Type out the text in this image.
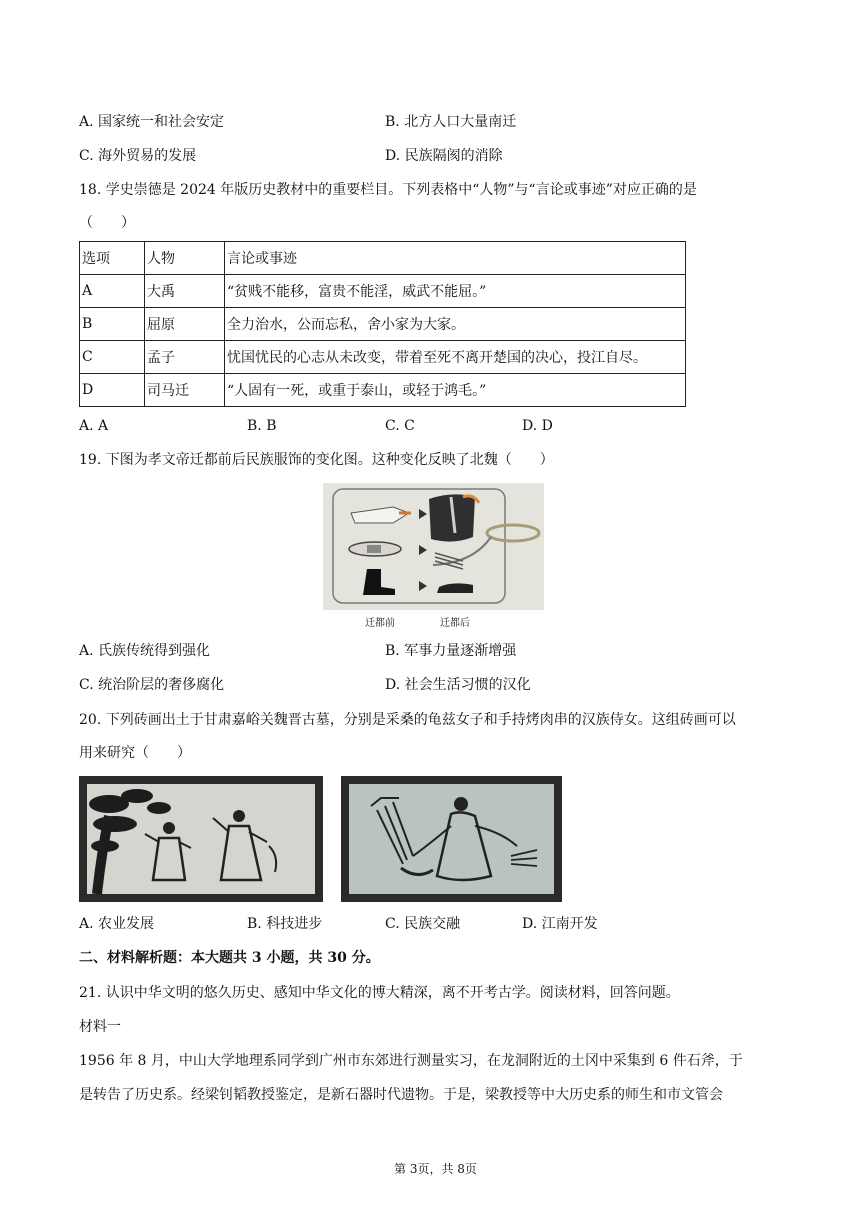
A. 国家统一和社会安定	B. 北方人口大量南迁
C. 海外贸易的发展	D. 民族隔阂的消除
18. 学史崇德是 2024 年版历史教材中的重要栏目。下列表格中“人物”与“言论或事迹”对应正确的是
（　　）
选项	人物	言论或事迹
A	大禹	“贫贱不能移，富贵不能淫，威武不能屈。”
B	屈原	全力治水，公而忘私，舍小家为大家。
C	孟子	忧国忧民的心志从未改变，带着至死不离开楚国的决心，投江自尽。
D	司马迁	“人固有一死，或重于泰山，或轻于鸿毛。”
A. A	B. B	C. C	D. D
19. 下图为孝文帝迁都前后民族服饰的变化图。这种变化反映了北魏（　　）
迁都前	迁都后
A. 氏族传统得到强化	B. 军事力量逐渐增强
C. 统治阶层的奢侈腐化	D. 社会生活习惯的汉化
20. 下列砖画出土于甘肃嘉峪关魏晋古墓，分别是采桑的龟兹女子和手持烤肉串的汉族侍女。这组砖画可以
用来研究（　　）
A. 农业发展	B. 科技进步	C. 民族交融	D. 江南开发
二、材料解析题：本大题共 3 小题，共 30 分。
21. 认识中华文明的悠久历史、感知中华文化的博大精深，离不开考古学。阅读材料，回答问题。
材料一
1956 年 8 月，中山大学地理系同学到广州市东郊进行测量实习，在龙洞附近的土冈中采集到 6 件石斧，于
是转告了历史系。经梁钊韬教授鉴定，是新石器时代遗物。于是，梁教授等中大历史系的师生和市文管会
第 3页，共 8页
